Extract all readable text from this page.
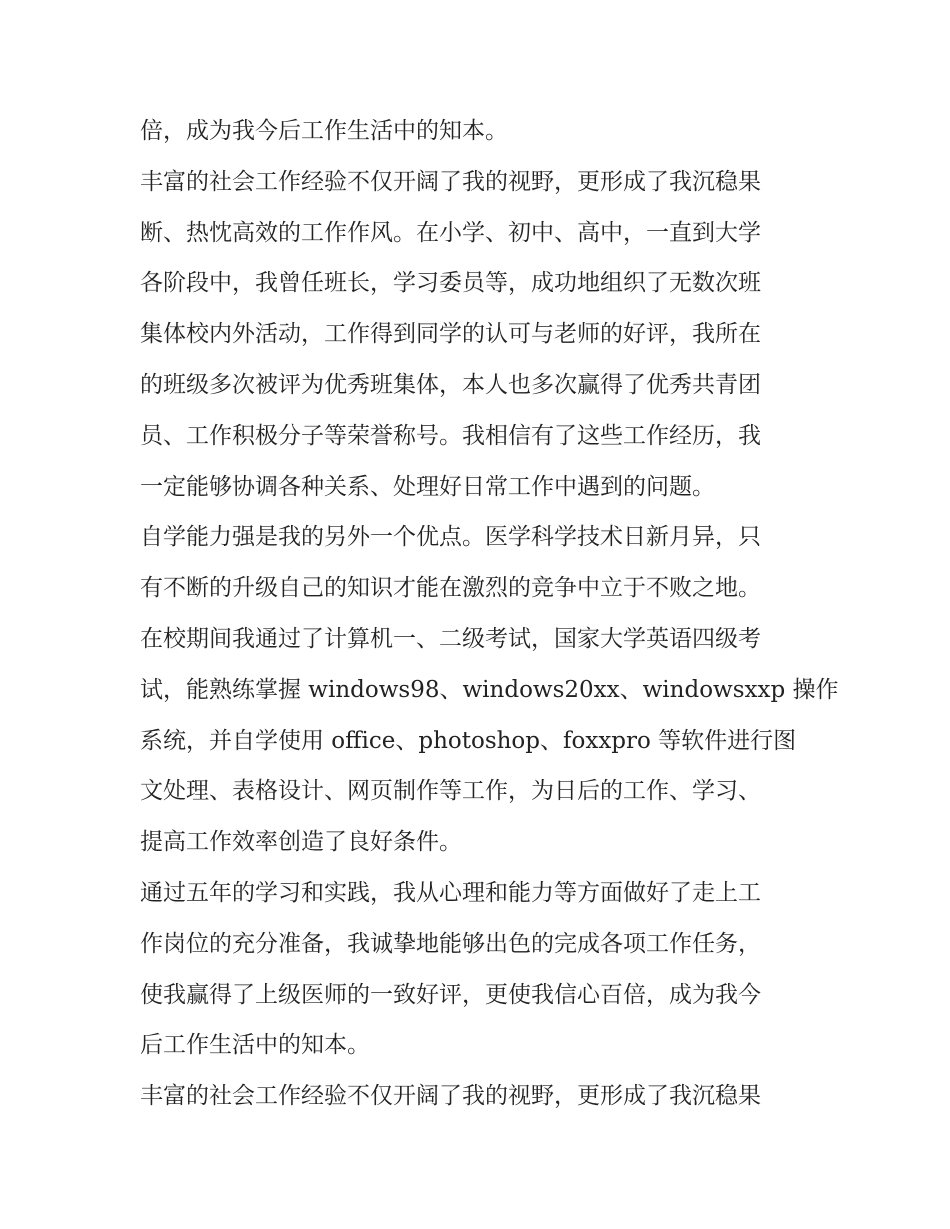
倍，成为我今后工作生活中的知本。
丰富的社会工作经验不仅开阔了我的视野，更形成了我沉稳果
断、热忱高效的工作作风。在小学、初中、高中，一直到大学
各阶段中，我曾任班长，学习委员等，成功地组织了无数次班
集体校内外活动，工作得到同学的认可与老师的好评，我所在
的班级多次被评为优秀班集体，本人也多次赢得了优秀共青团
员、工作积极分子等荣誉称号。我相信有了这些工作经历，我
一定能够协调各种关系、处理好日常工作中遇到的问题。
自学能力强是我的另外一个优点。医学科学技术日新月异，只
有不断的升级自己的知识才能在激烈的竞争中立于不败之地。
在校期间我通过了计算机一、二级考试，国家大学英语四级考
试，能熟练掌握 windows98、windows20xx、windowsxxp 操作
系统，并自学使用 office、photoshop、foxxpro 等软件进行图
文处理、表格设计、网页制作等工作，为日后的工作、学习、
提高工作效率创造了良好条件。
通过五年的学习和实践，我从心理和能力等方面做好了走上工
作岗位的充分准备，我诚挚地能够出色的完成各项工作任务，
使我赢得了上级医师的一致好评，更使我信心百倍，成为我今
后工作生活中的知本。
丰富的社会工作经验不仅开阔了我的视野，更形成了我沉稳果
